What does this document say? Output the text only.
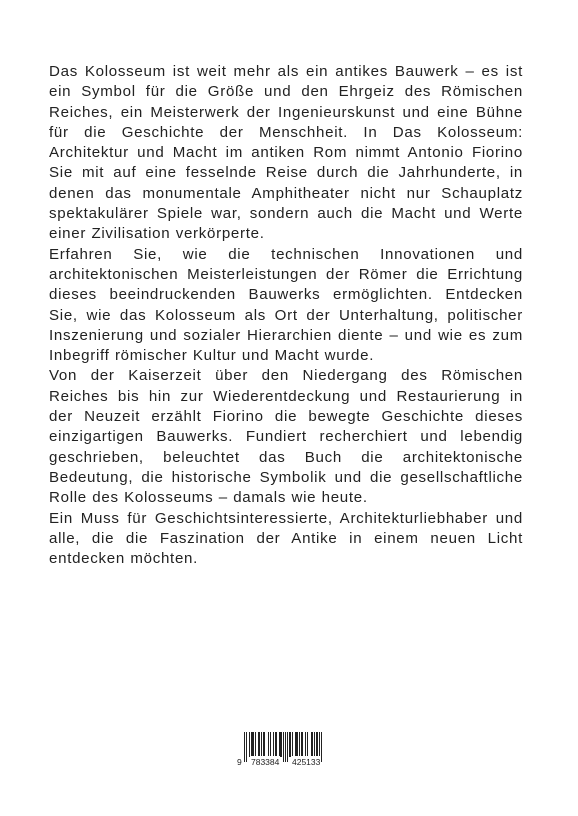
Das Kolosseum ist weit mehr als ein antikes Bauwerk – es ist ein Symbol für die Größe und den Ehrgeiz des Römischen Reiches, ein Meisterwerk der Ingenieurskunst und eine Bühne für die Geschichte der Menschheit. In Das Kolosseum: Architektur und Macht im antiken Rom nimmt Antonio Fiorino Sie mit auf eine fesselnde Reise durch die Jahrhunderte, in denen das monumentale Amphitheater nicht nur Schauplatz spektakulärer Spiele war, sondern auch die Macht und Werte einer Zivilisation verkörperte.

Erfahren Sie, wie die technischen Innovationen und architektonischen Meisterleistungen der Römer die Errichtung dieses beeindruckenden Bauwerks ermöglichten. Entdecken Sie, wie das Kolosseum als Ort der Unterhaltung, politischer Inszenierung und sozialer Hierarchien diente – und wie es zum Inbegriff römischer Kultur und Macht wurde.

Von der Kaiserzeit über den Niedergang des Römischen Reiches bis hin zur Wiederentdeckung und Restaurierung in der Neuzeit erzählt Fiorino die bewegte Geschichte dieses einzigartigen Bauwerks. Fundiert recherchiert und lebendig geschrieben, beleuchtet das Buch die architektonische Bedeutung, die historische Symbolik und die gesellschaftliche Rolle des Kolosseums – damals wie heute.

Ein Muss für Geschichtsinteressierte, Architekturliebhaber und alle, die die Faszination der Antike in einem neuen Licht entdecken möchten.

9 783384 425133
